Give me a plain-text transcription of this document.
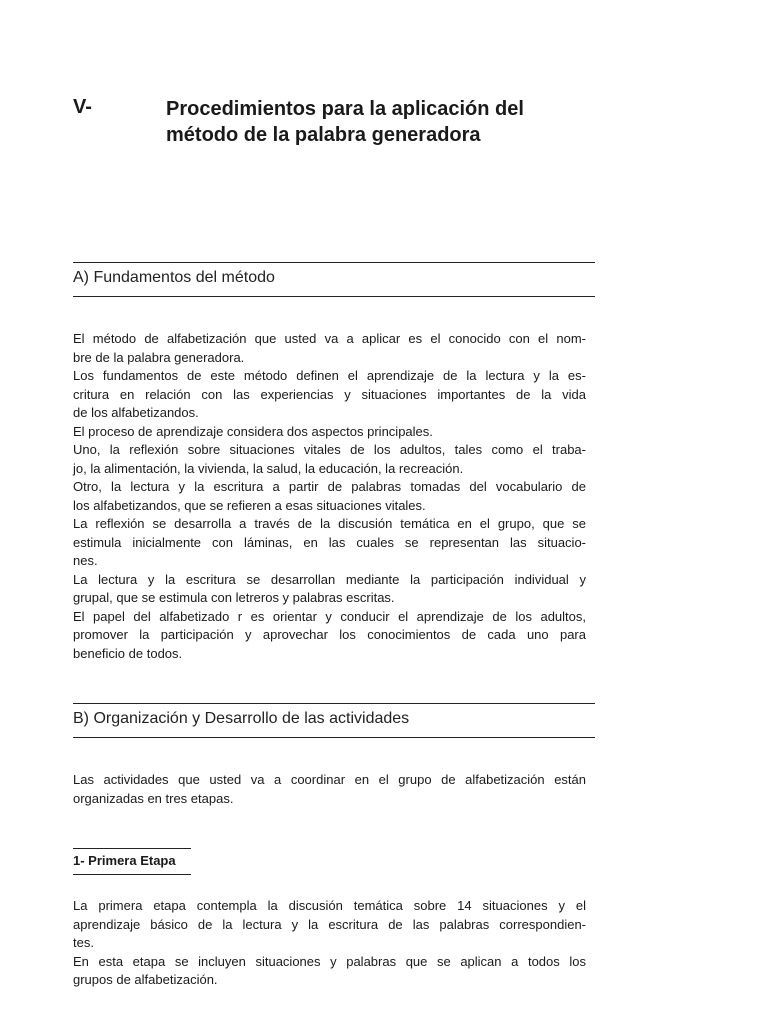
V-	Procedimientos para la aplicación del
método de la palabra generadora
A) Fundamentos del método
El método de alfabetización que usted va a aplicar es el conocido con el nom-
bre de la palabra generadora.
Los fundamentos de este método definen el aprendizaje de la lectura y la es-
critura en relación con las experiencias y situaciones importantes de la vida
de los alfabetizandos.
El proceso de aprendizaje considera dos aspectos principales.
Uno, la reflexión sobre situaciones vitales de los adultos, tales como el traba-
jo, la alimentación, la vivienda, la salud, la educación, la recreación.
Otro, la lectura y la escritura a partir de palabras tomadas del vocabulario de
los alfabetizandos, que se refieren a esas situaciones vitales.
La reflexión se desarrolla a través de la discusión temática en el grupo, que se
estimula inicialmente con láminas, en las cuales se representan las situacio-
nes.
La lectura y la escritura se desarrollan mediante la participación individual y
grupal, que se estimula con letreros y palabras escritas.
El papel del alfabetizado r es orientar y conducir el aprendizaje de los adultos,
promover la participación y aprovechar los conocimientos de cada uno para
beneficio de todos.
B) Organización y Desarrollo de las actividades
Las actividades que usted va a coordinar en el grupo de alfabetización están
organizadas en tres etapas.
1- Primera Etapa
La primera etapa contempla la discusión temática sobre 14 situaciones y el
aprendizaje básico de la lectura y la escritura de las palabras correspondien-
tes.
En esta etapa se incluyen situaciones y palabras que se aplican a todos los
grupos de alfabetización.
